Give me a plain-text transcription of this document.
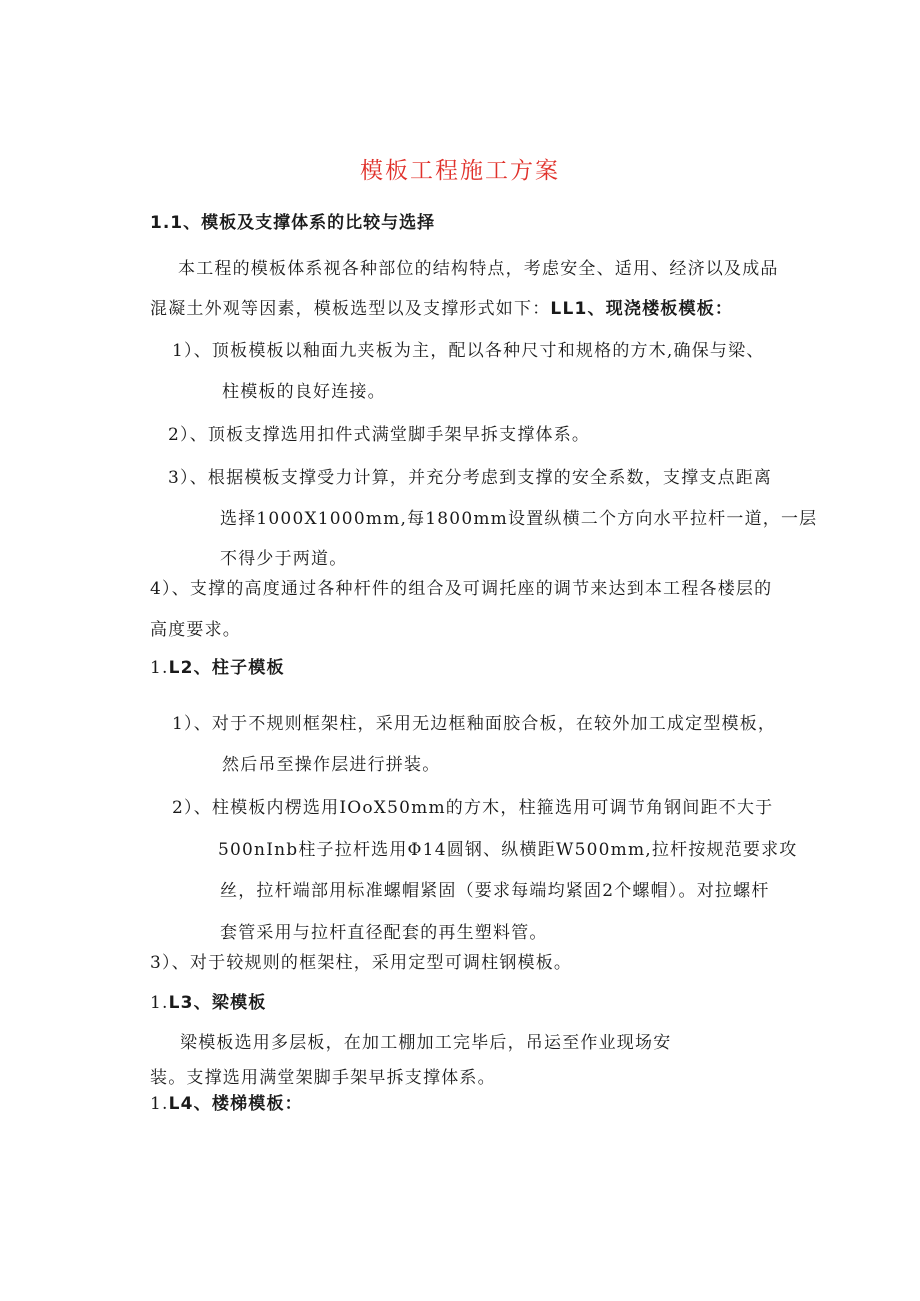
模板工程施工方案
1.1、模板及支撑体系的比较与选择
本工程的模板体系视各种部位的结构特点，考虑安全、适用、经济以及成品
混凝土外观等因素，模板选型以及支撑形式如下：LL1、现浇楼板模板：
1）、顶板模板以釉面九夹板为主，配以各种尺寸和规格的方木,确保与梁、
柱模板的良好连接。
2）、顶板支撑选用扣件式满堂脚手架早拆支撑体系。
3）、根据模板支撑受力计算，并充分考虑到支撑的安全系数，支撑支点距离
选择1000X1000mm,每1800mm设置纵横二个方向水平拉杆一道，一层
不得少于两道。
4）、支撑的高度通过各种杆件的组合及可调托座的调节来达到本工程各楼层的
高度要求。
1.L2、柱子模板
1）、对于不规则框架柱，采用无边框釉面胶合板，在较外加工成定型模板，
然后吊至操作层进行拼装。
2）、柱模板内楞选用IOoX50mm的方木，柱箍选用可调节角钢间距不大于
500nInb柱子拉杆选用Φ14圆钢、纵横距W500mm,拉杆按规范要求攻
丝，拉杆端部用标准螺帽紧固（要求每端均紧固2个螺帽）。对拉螺杆
套管采用与拉杆直径配套的再生塑料管。
3）、对于较规则的框架柱，采用定型可调柱钢模板。
1.L3、梁模板
梁模板选用多层板，在加工棚加工完毕后，吊运至作业现场安
装。支撑选用满堂架脚手架早拆支撑体系。
1.L4、楼梯模板：
